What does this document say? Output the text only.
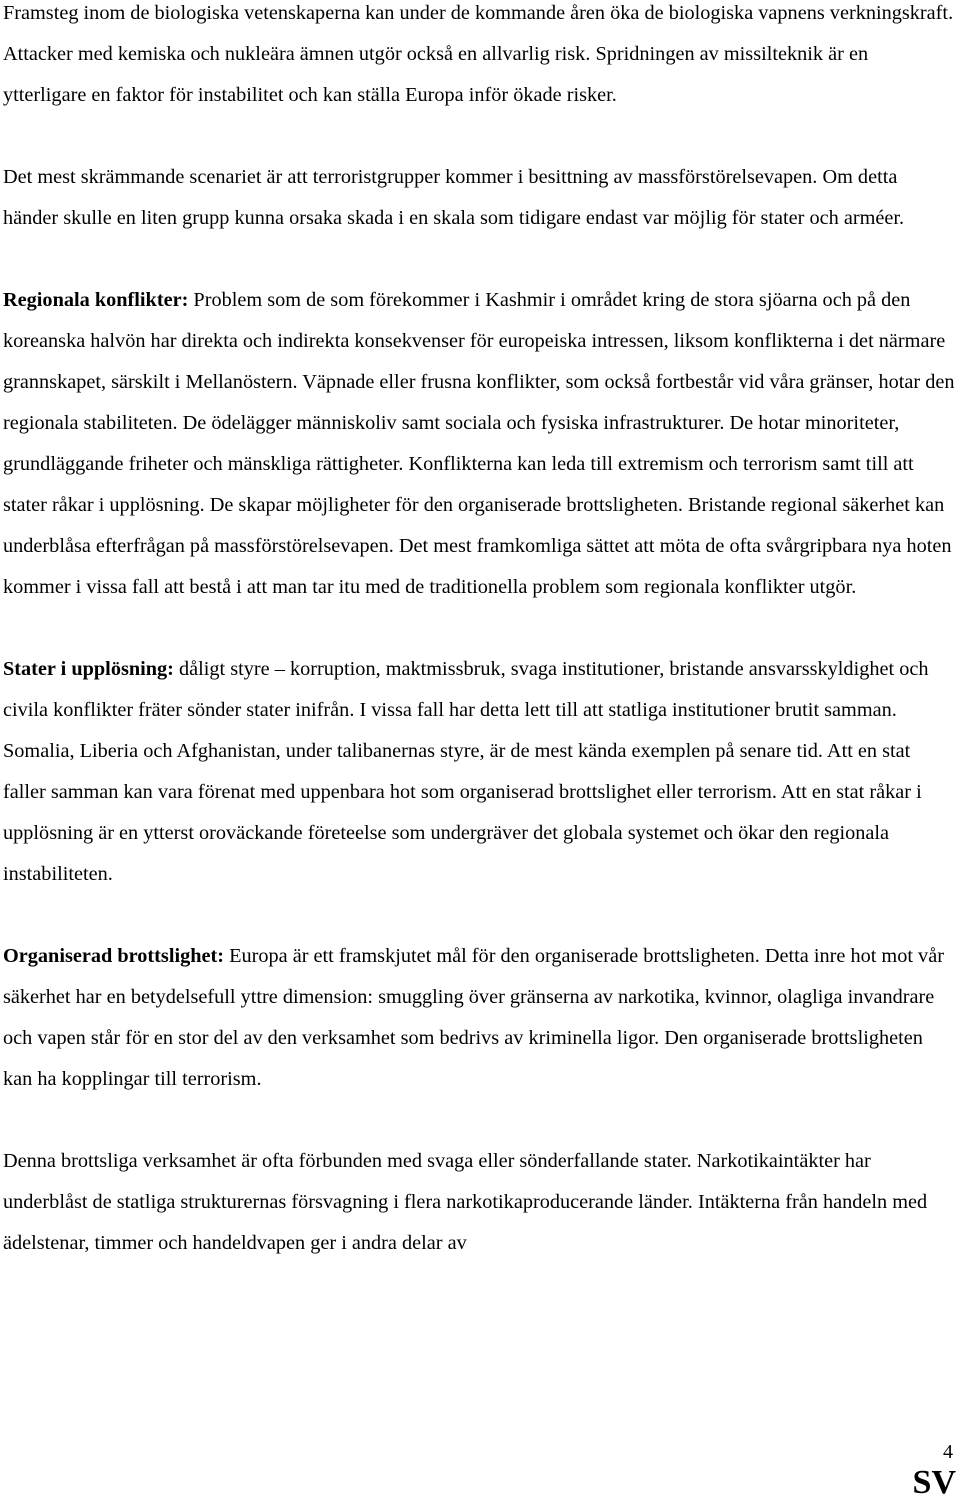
Framsteg inom de biologiska vetenskaperna kan under de kommande åren öka de biologiska vapnens verkningskraft. Attacker med kemiska och nukleära ämnen utgör också en allvarlig risk. Spridningen av missilteknik är en ytterligare en faktor för instabilitet och kan ställa Europa inför ökade risker.

Det mest skrämmande scenariet är att terroristgrupper kommer i besittning av massförstörelsevapen. Om detta händer skulle en liten grupp kunna orsaka skada i en skala som tidigare endast var möjlig för stater och arméer.

Regionala konflikter: Problem som de som förekommer i Kashmir i området kring de stora sjöarna och på den koreanska halvön har direkta och indirekta konsekvenser för europeiska intressen, liksom konflikterna i det närmare grannskapet, särskilt i Mellanöstern. Väpnade eller frusna konflikter, som också fortbestår vid våra gränser, hotar den regionala stabiliteten. De ödelägger människoliv samt sociala och fysiska infrastrukturer. De hotar minoriteter, grundläggande friheter och mänskliga rättigheter. Konflikterna kan leda till extremism och terrorism samt till att stater råkar i upplösning. De skapar möjligheter för den organiserade brottsligheten. Bristande regional säkerhet kan underblåsa efterfrågan på massförstörelsevapen. Det mest framkomliga sättet att möta de ofta svårgripbara nya hoten kommer i vissa fall att bestå i att man tar itu med de traditionella problem som regionala konflikter utgör.

Stater i upplösning: dåligt styre – korruption, maktmissbruk, svaga institutioner, bristande ansvarsskyldighet och civila konflikter fräter sönder stater inifrån. I vissa fall har detta lett till att statliga institutioner brutit samman. Somalia, Liberia och Afghanistan, under talibanernas styre, är de mest kända exemplen på senare tid. Att en stat faller samman kan vara förenat med uppenbara hot som organiserad brottslighet eller terrorism. Att en stat råkar i upplösning är en ytterst oroväckande företeelse som undergräver det globala systemet och ökar den regionala instabiliteten.

Organiserad brottslighet: Europa är ett framskjutet mål för den organiserade brottsligheten. Detta inre hot mot vår säkerhet har en betydelsefull yttre dimension: smuggling över gränserna av narkotika, kvinnor, olagliga invandrare och vapen står för en stor del av den verksamhet som bedrivs av kriminella ligor. Den organiserade brottsligheten kan ha kopplingar till terrorism.

Denna brottsliga verksamhet är ofta förbunden med svaga eller sönderfallande stater. Narkotikaintäkter har underblåst de statliga strukturernas försvagning i flera narkotikaproducerande länder. Intäkterna från handeln med ädelstenar, timmer och handeldvapen ger i andra delar av

4
SV
